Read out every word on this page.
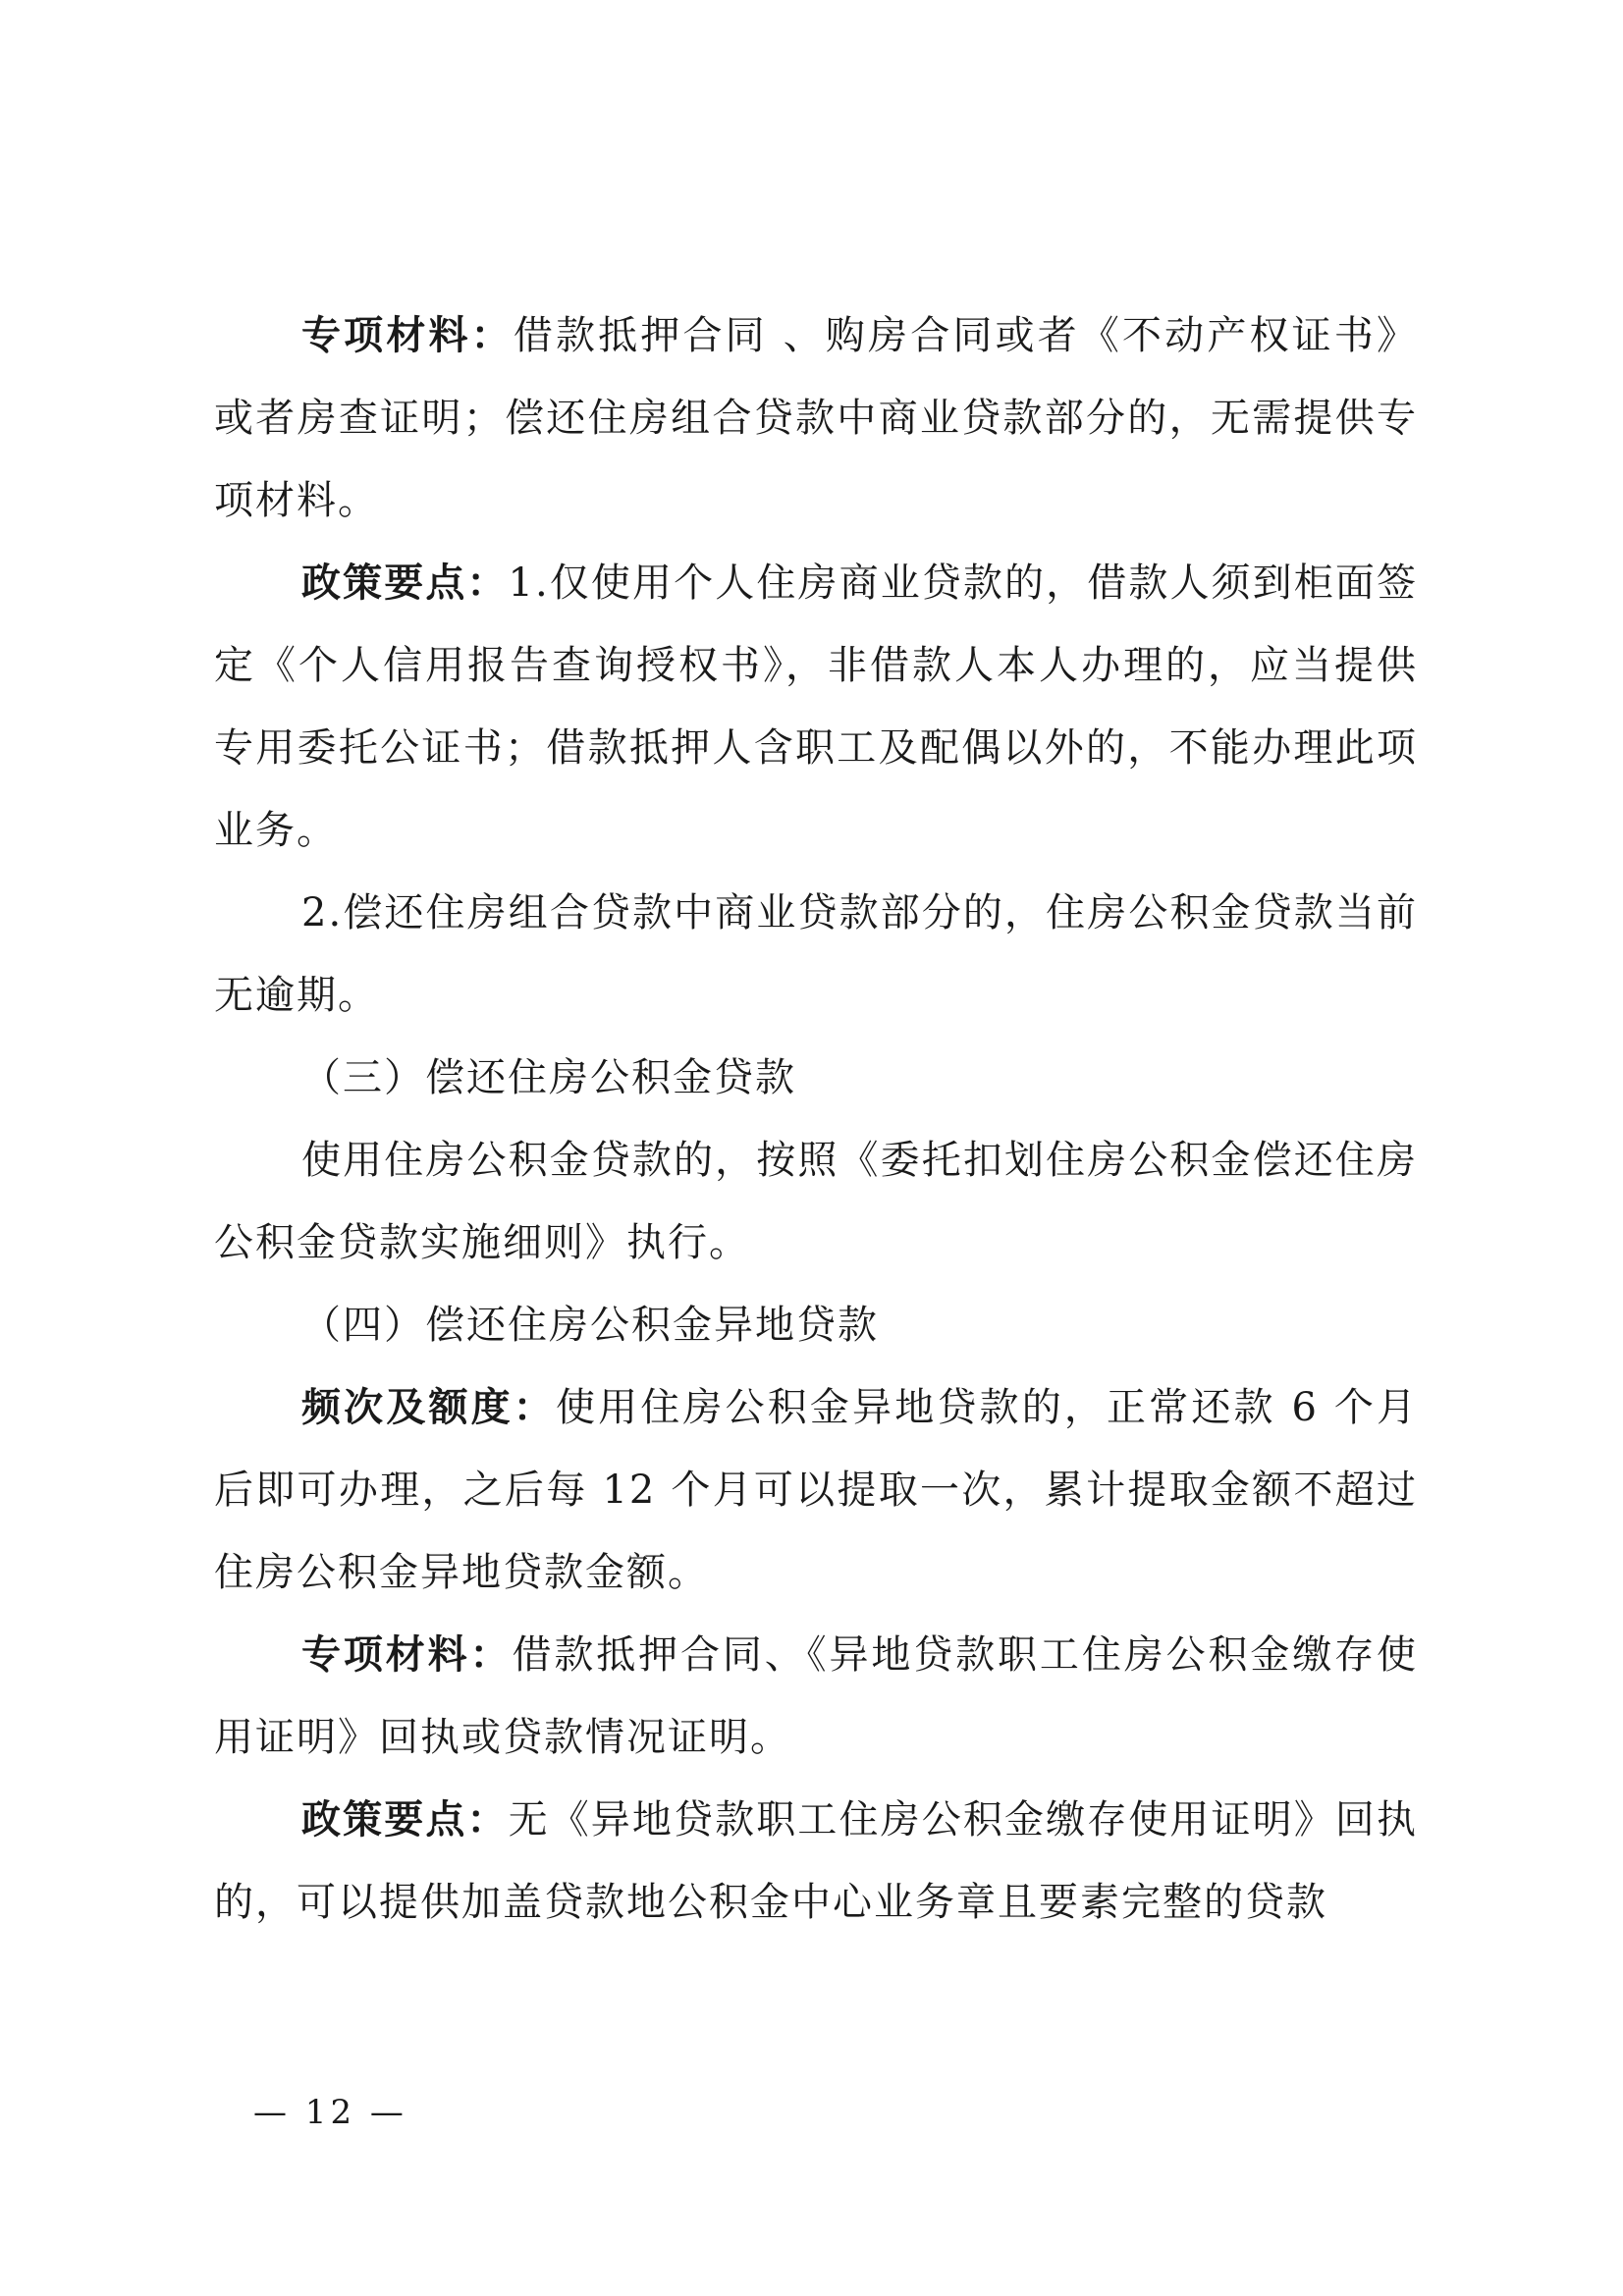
专项材料：借款抵押合同 、购房合同或者《不动产权证书》或者房查证明；偿还住房组合贷款中商业贷款部分的，无需提供专项材料。

政策要点：1.仅使用个人住房商业贷款的，借款人须到柜面签定《个人信用报告查询授权书》，非借款人本人办理的，应当提供专用委托公证书；借款抵押人含职工及配偶以外的，不能办理此项业务。

2.偿还住房组合贷款中商业贷款部分的，住房公积金贷款当前无逾期。

（三）偿还住房公积金贷款

使用住房公积金贷款的，按照《委托扣划住房公积金偿还住房公积金贷款实施细则》执行。

（四）偿还住房公积金异地贷款

频次及额度：使用住房公积金异地贷款的，正常还款 6 个月后即可办理，之后每 12 个月可以提取一次，累计提取金额不超过住房公积金异地贷款金额。

专项材料：借款抵押合同、《异地贷款职工住房公积金缴存使用证明》回执或贷款情况证明。

政策要点：无《异地贷款职工住房公积金缴存使用证明》回执的，可以提供加盖贷款地公积金中心业务章且要素完整的贷款

— 12 —
